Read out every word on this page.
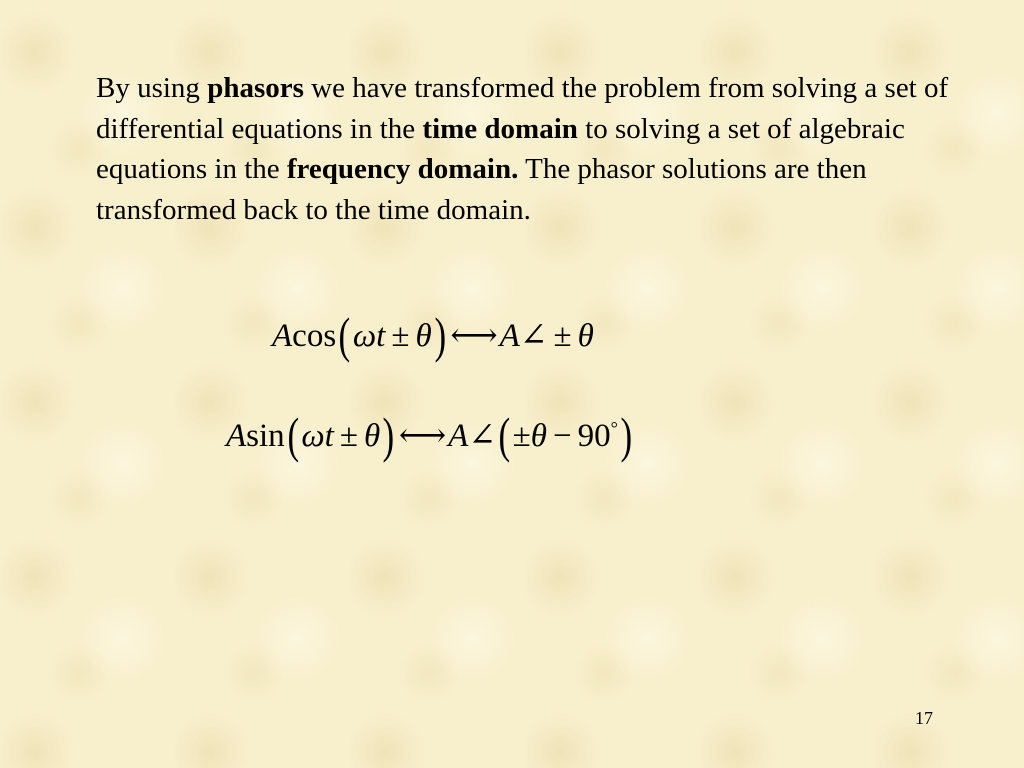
By using phasors we have transformed the problem from solving a set of differential equations in the time domain to solving a set of algebraic equations in the frequency domain. The phasor solutions are then transformed back to the time domain.

Acos(ωt ± θ) ⟷A∠ ± θ
Asin(ωt ± θ) ⟷A∠(±θ − 90°)
17
